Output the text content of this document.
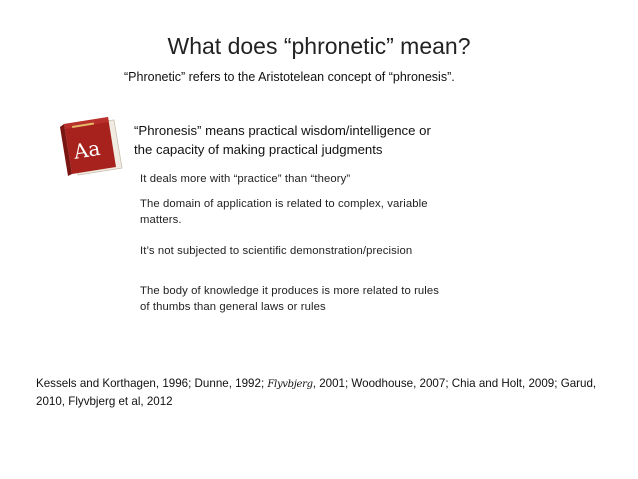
What does “phronetic” mean?
“Phronetic” refers to the Aristotelean concept of “phronesis”.
Aa
“Phronesis” means practical wisdom/intelligence or
the capacity of making practical judgments
It deals more with “practice” than “theory”
The domain of application is related to complex, variable matters.
It’s not subjected to scientific demonstration/precision
The body of knowledge it produces is more related to rules of thumbs than general laws or rules
Kessels and Korthagen, 1996; Dunne, 1992; Flyvbjerg, 2001; Woodhouse, 2007; Chia and Holt, 2009; Garud, 2010, Flyvbjerg et al, 2012
